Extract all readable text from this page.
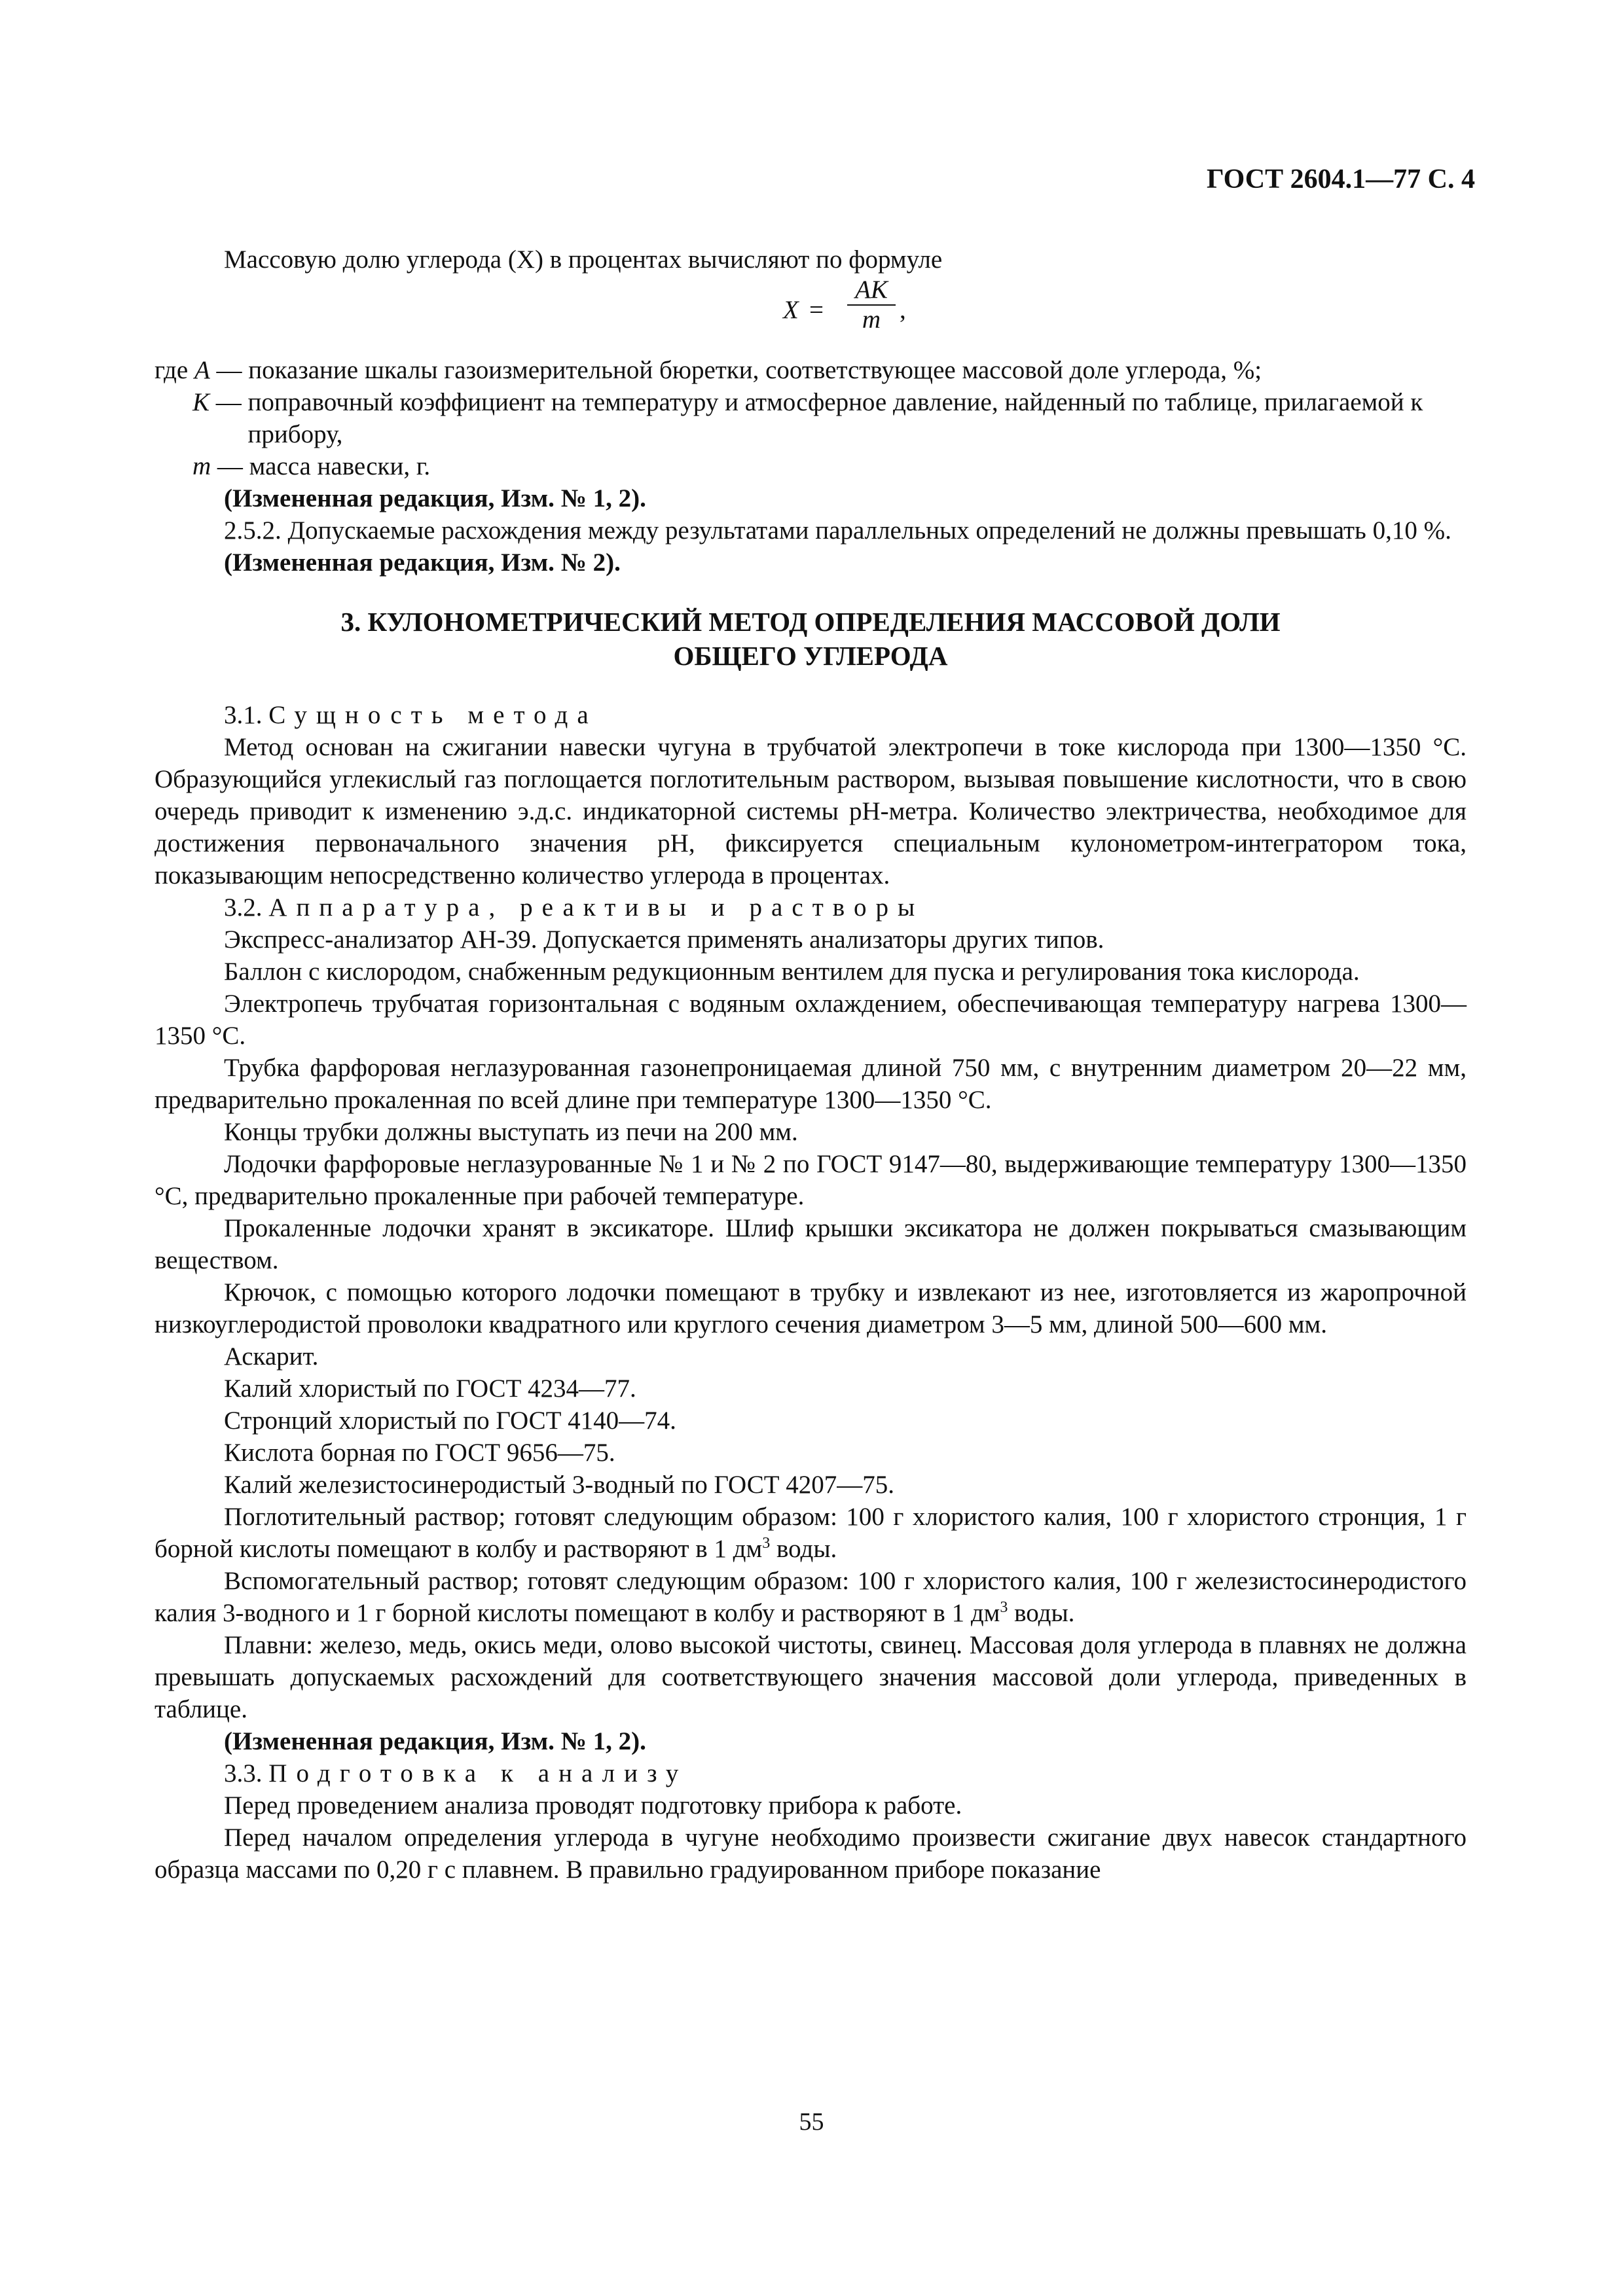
ГОСТ 2604.1—77 С. 4

Массовую долю углерода (X) в процентах вычисляют по формуле

$X = \frac{AK}{m}$ ,
где A — показание шкалы газоизмерительной бюретки, соответствующее массовой доле углерода, %;
K — поправочный коэффициент на температуру и атмосферное давление, найденный по таблице, прилагаемой к прибору,
m — масса навески, г.

(Измененная редакция, Изм. № 1, 2).

2.5.2. Допускаемые расхождения между результатами параллельных определений не должны превышать 0,10 %.

(Измененная редакция, Изм. № 2).

3. КУЛОНОМЕТРИЧЕСКИЙ МЕТОД ОПРЕДЕЛЕНИЯ МАССОВОЙ ДОЛИ
ОБЩЕГО УГЛЕРОДА

3.1. Сущность метода

Метод основан на сжигании навески чугуна в трубчатой электропечи в токе кислорода при 1300—1350 °С. Образующийся углекислый газ поглощается поглотительным раствором, вызывая повышение кислотности, что в свою очередь приводит к изменению э.д.с. индикаторной системы рН-метра. Количество электричества, необходимое для достижения первоначального значения рН, фиксируется специальным кулонометром-интегратором тока, показывающим непосредственно количество углерода в процентах.

3.2. Аппаратура, реактивы и растворы

Экспресс-анализатор АН-39. Допускается применять анализаторы других типов.

Баллон с кислородом, снабженным редукционным вентилем для пуска и регулирования тока кислорода.

Электропечь трубчатая горизонтальная с водяным охлаждением, обеспечивающая температуру нагрева 1300—1350 °С.

Трубка фарфоровая неглазурованная газонепроницаемая длиной 750 мм, с внутренним диаметром 20—22 мм, предварительно прокаленная по всей длине при температуре 1300—1350 °С.

Концы трубки должны выступать из печи на 200 мм.

Лодочки фарфоровые неглазурованные № 1 и № 2 по ГОСТ 9147—80, выдерживающие температуру 1300—1350 °С, предварительно прокаленные при рабочей температуре.

Прокаленные лодочки хранят в эксикаторе. Шлиф крышки эксикатора не должен покрываться смазывающим веществом.

Крючок, с помощью которого лодочки помещают в трубку и извлекают из нее, изготовляется из жаропрочной низкоуглеродистой проволоки квадратного или круглого сечения диаметром 3—5 мм, длиной 500—600 мм.

Аскарит.

Калий хлористый по ГОСТ 4234—77.

Стронций хлористый по ГОСТ 4140—74.

Кислота борная по ГОСТ 9656—75.

Калий железистосинеродистый 3-водный по ГОСТ 4207—75.

Поглотительный раствор; готовят следующим образом: 100 г хлористого калия, 100 г хлористого стронция, 1 г борной кислоты помещают в колбу и растворяют в 1 $дм^3$ воды.

Вспомогательный раствор; готовят следующим образом: 100 г хлористого калия, 100 г железистосинеродистого калия 3-водного и 1 г борной кислоты помещают в колбу и растворяют в 1 $дм^3$ воды.

Плавни: железо, медь, окись меди, олово высокой чистоты, свинец. Массовая доля углерода в плавнях не должна превышать допускаемых расхождений для соответствующего значения массовой доли углерода, приведенных в таблице.

(Измененная редакция, Изм. № 1, 2).

3.3. Подготовка к анализу

Перед проведением анализа проводят подготовку прибора к работе.

Перед началом определения углерода в чугуне необходимо произвести сжигание двух навесок стандартного образца массами по 0,20 г с плавнем. В правильно градуированном приборе показание

55
